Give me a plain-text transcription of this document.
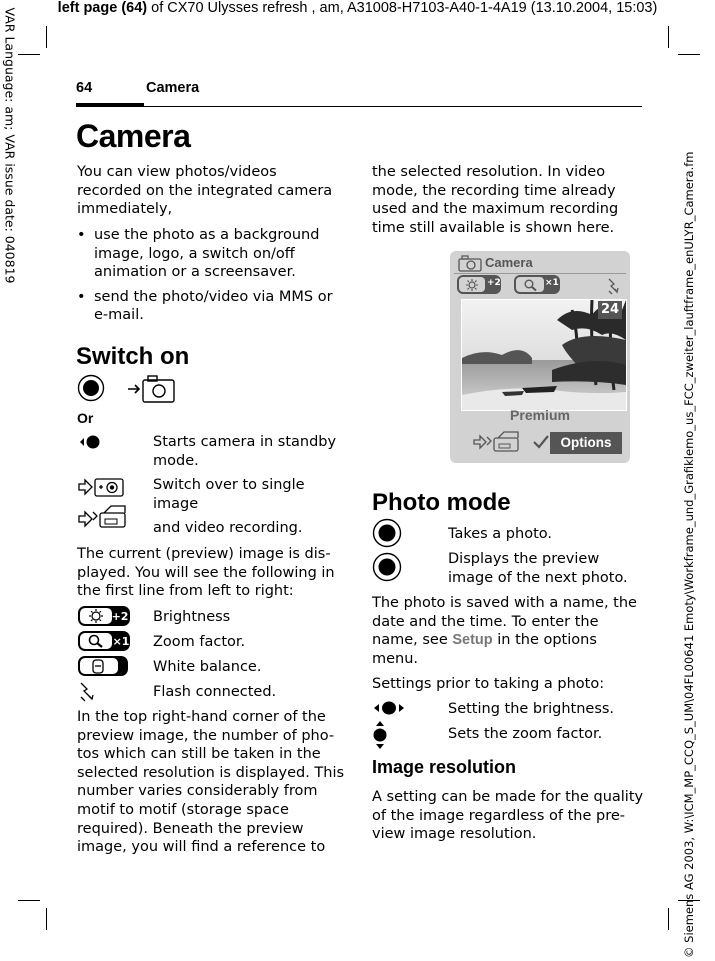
left page (64) of CX70 Ulysses refresh , am, A31008-H7103-A40-1-4A19 (13.10.2004, 15:03)
VAR Language: am; VAR issue date: 040819
© Siemens AG 2003, W:\ICM_MP_CCQ_S_UM\04FL00641 Emoty\Workframe_und_Grafiklemo_us_FCC_zweiter_lauftframe_enULYR_Camera.fm
64	Camera
Camera
You can view photos/videos recorded on the integrated camera immediately,
• use the photo as a background image, logo, a switch on/off animation or a screensaver.
• send the photo/video via MMS or e-mail.
Switch on
Or
Starts camera in standby mode.
Switch over to single image
and video recording.
The current (preview) image is dis-
played. You will see the following in
the first line from left to right:
+2 Brightness
×1 Zoom factor.
White balance.
Flash connected.
In the top right-hand corner of the
preview image, the number of pho-
tos which can still be taken in the
selected resolution is displayed. This
number varies considerably from
motif to motif (storage space
required). Beneath the preview
image, you will find a reference to
the selected resolution. In video
mode, the recording time already
used and the maximum recording
time still available is shown here.
Camera
+2	×1
24
Premium
Options
Photo mode
Takes a photo.
Displays the preview image of the next photo.
The photo is saved with a name, the
date and the time. To enter the
name, see Setup in the options
menu.
Settings prior to taking a photo:
Setting the brightness.
Sets the zoom factor.
Image resolution
A setting can be made for the quality
of the image regardless of the pre-
view image resolution.
